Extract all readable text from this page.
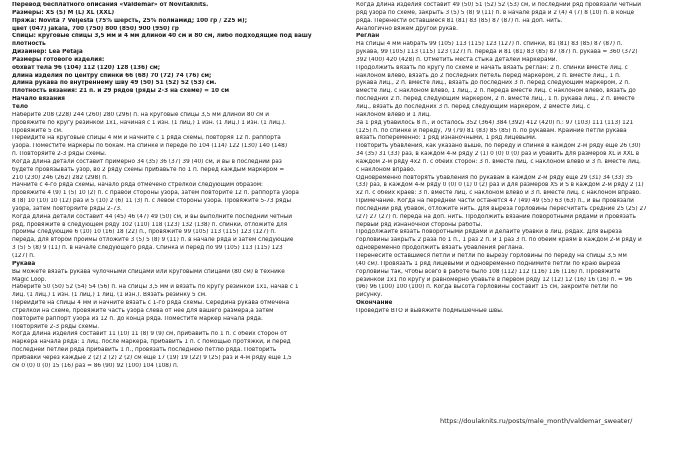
Перевод бесплатного описания «Valdemar» от Novitaknits.
Размеры: XS (S) M (L) XL (XXL)
Пряжа: Novita 7 Veljestä (75% шерсть, 25% полиамид; 100 гр / 225 м);
цвет (047) jäkälä, 700 (750) 800 (850) 900 (950) гр
Спицы: круговые спицы 3,5 мм и 4 мм длиной 40 см и 80 см, либо подходящие под вашу
плотность
Дизайнер: Lea Petäjä
Размеры готового изделия:
обхват тела 96 (104) 112 (120) 128 (136) см;
длина изделия по центру спинки 66 (68) 70 (72) 74 (76) см;
длина рукава по внутреннему шву 49 (50) 51 (52) 52 (53) см.
Плотность вязания: 21 п. и 29 рядов (ряды 2-3 на схеме) = 10 см
Начало вязания
Тело
Наберите 208 (228) 244 (260) 280 (296) п. на круговые спицы 3,5 мм длиной 80 см и
провяжите по кругу резинкой 1х1, начиная с 1 изн. (1 лиц.) 1 изн. (1 лиц.) 1 изн. (1 лиц.).
Провяжите 5 см.
Перейдите на круговые спицы 4 мм и начните с 1 ряда схемы, повторяя 12 п. раппорта
узора. Поместите маркеры по бокам. На спинке и переде по 104 (114) 122 (130) 140 (148)
п. Повторяйте 2-3 ряды схемы.
Когда длина детали составит примерно 34 (35) 36 (37) 39 (40) см, и вы в последний раз
будете провязывать узор, во 2 ряду схемы прибавьте по 1 п. перед каждым маркером =
210 (230) 246 (262) 282 (298) п.
Начните с 4-го ряда схемы, начало ряда отмечено стрелкой следующим образом:
провяжите 4 (9) 1 (5) 10 (2) п. с правой стороны узора, затем повторите 12 п. раппорта узора
8 (8) 10 (10) 10 (12) раз и 5 (10) 2 (6) 11 (3) п. с левой стороны узора. Провяжите 5-73 ряды
узора, затем повторяйте ряды 2-73.
Когда длина детали составит 44 (45) 46 (47) 49 (50) см, и вы выполните последний четный
ряд, провяжите в следующем ряду 102 (110) 118 (123) 132 (138) п. спинки, отложите для
проймы следующие 6 (10) 10 (16) 18 (22) п., провяжите 99 (105) 113 (115) 123 (127) п.
переда, для второй проймы отложите 3 (5) 5 (8) 9 (11) п. в начале ряда и затем следующие
3 (5) 5 (8) 9 (11) п. в начале следующего ряда. Спинка и перед по 99 (105) 113 (115) 123
(127) п.
Рукава
Вы можете вязать рукава чулочными спицами или круговыми спицами (80 см) в технике
Magic Loop.
Наберите 50 (50) 52 (54) 54 (56) п. на спицы 3,5 мм и вязать по кругу резинкой 1х1, начав с 1
лиц. (1 лиц.) 1 изн. (1 лиц.) 1 лиц. (1 изн.). Вязать резинку 5 см.
Перейдите на спицы 4 мм и начните вязать с 1-го ряда схемы. Середина рукава отмечена
стрелкой на схеме, провяжите часть узора слева от нее для вашего размера,а затем
повторите раппорт узора из 12 п. до конца ряда. Поместите маркер начала ряда.
Повторяйте 2-3 ряды схемы.
Когда длина изделия составит 11 (10) 11 (8) 9 (9) см, прибавить по 1 п. с обеих сторон от
маркера начала ряда: 1 лиц. после маркера, прибавить 1 п. с помощью протяжки, и перед
последней петлей ряда прибавить 1 п., провязать последнюю петлю ряда. Повторить
прибавки через каждые 2 (2) 2 (2) 2 (2) см еще 17 (19) 19 (22) 9 (25) раз и 4-м ряду еще 1,5
см 0 (0) 0 (0) 15 (16) раз = 86 (90) 92 (100) 104 (108) п.
Когда длина изделия составит 49 (50) 51 (52) 52 (53) см, и последний ряд провязали четный
ряд узора по схеме, закрыть 3 (5) 5 (8) 9 (11) п. в начале ряда и 2 (4) 4 (7) 8 (10) п. в конце
ряда. Перенести оставшиеся 81 (81) 83 (85) 87 (87) п. на доп. нить.
Аналогично вяжем другой рукав.
Реглан
На спицы 4 мм набрать 99 (105) 113 (115) 123 (127) п. спинки, 81 (81) 83 (85) 87 (87) п.
рукава, 99 (105) 113 (115) 123 (127) п. переда и 81 (81) 83 (85) 87 (87) п. рукава = 360 (372)
392 (400) 420 (428) п. Отметить места стыка деталей маркерами.
Продолжить вязать по кругу по схеме и начать вязать реглан: 2 п. спинки вместе лиц. с
наклоном влево, вязать до 2 последних петель перед маркером, 2 п. вместе лиц., 1 п.
рукава лиц., 2 п. вместе лиц., вязать до последних 3 п. перед следующим маркером, 2 п.
вместе лиц. с наклоном влево, 1 лиц., 2 п. переда вместе лиц. с наклоном влево, вязать до
последних 2 п. перед следующим маркером, 2 п. вместе лиц., 1 п. рукава лиц., 2 п. вместе
лиц., вязать до последних 3 п. перед следующим маркером, 2 вместе лиц. с
наклоном влево и 1 лиц.
За 1 ряд убавилось 8 п., и осталось 352 (364) 384 (392) 412 (420) п.: 97 (103) 111 (113) 121
(125) п. по спинке и переду, 79 (79) 81 (83) 85 (85) п. по рукавам. Крайние петли рукава
вязать попеременно: 1 ряд изнаночными, 1 ряд лицевыми.
Повторить убавления, как указано выше, по переду и спинке в каждом 2-м ряду еще 26 (30)
34 (35) 31 (33) раз, в каждом 4-м ряду 2 (1) 0 (0) 0 (0) раз и убавить для размеров XL и XXL в
каждом 2-м ряду 4х2 п. с обеих сторон: 3 п. вместе лиц. с наклоном влево и 3 п. вместе лиц.
с наклоном вправо.
Одновременно повторять убавления по рукавам в каждом 2-м ряду еще 29 (31) 34 (33) 35
(33) раз, в каждом 4-м ряду 0 (0) 0 (1) 0 (2) раз и для размеров XS и S в каждом 2-м ряду 2 (1)
х2 п. с обеих краев: 3 п. вместе лиц. с наклоном влево и 3 п. вместе лиц. с наклоном вправо.
Примечание. Когда на передней части останется 47 (49) 49 (55) 63 (63) п., и вы провязали
последний ряд убавок, отложите нить. Для выреза горловины пересчитать средние 25 (25) 27
(27) 27 (27) п. переда на доп. нить. Продолжить вязание поворотными рядами и провязать
первый ряд изнаночной стороны работы.
Продолжайте вязать поворотными рядами и делайте убавки в лиц. рядах. Для выреза
горловины закрыть 2 раза по 1 п., 1 раз 2 п. и 1 раз 3 п. по обеим краям в каждом 2-м ряду и
одновременно продолжить вязать убавления реглана.
Перенесите оставшиеся петли и петли по вырезу горловины по переду на спицы 3,5 мм
(40 см). Провязать 1 ряд лицевыми и одновременно поднимите петли по краю выреза
горловины так, чтобы всего в работе было 108 (112) 112 (116) 116 (116) п. Провяжите
резинкой 1х1 по кругу и равномерно убавьте в первом ряду 12 (12) 12 (16) 16 (16) п. = 96
(96) 96 (100) 100 (100) п. Когда высота горловины составит 15 см, закройте петли по
рисунку.
Окончание
Проведите ВТО и вывяжите подмышечные швы.
https://doulaknits.ru/posts/male_month/valdemar_sweater/
